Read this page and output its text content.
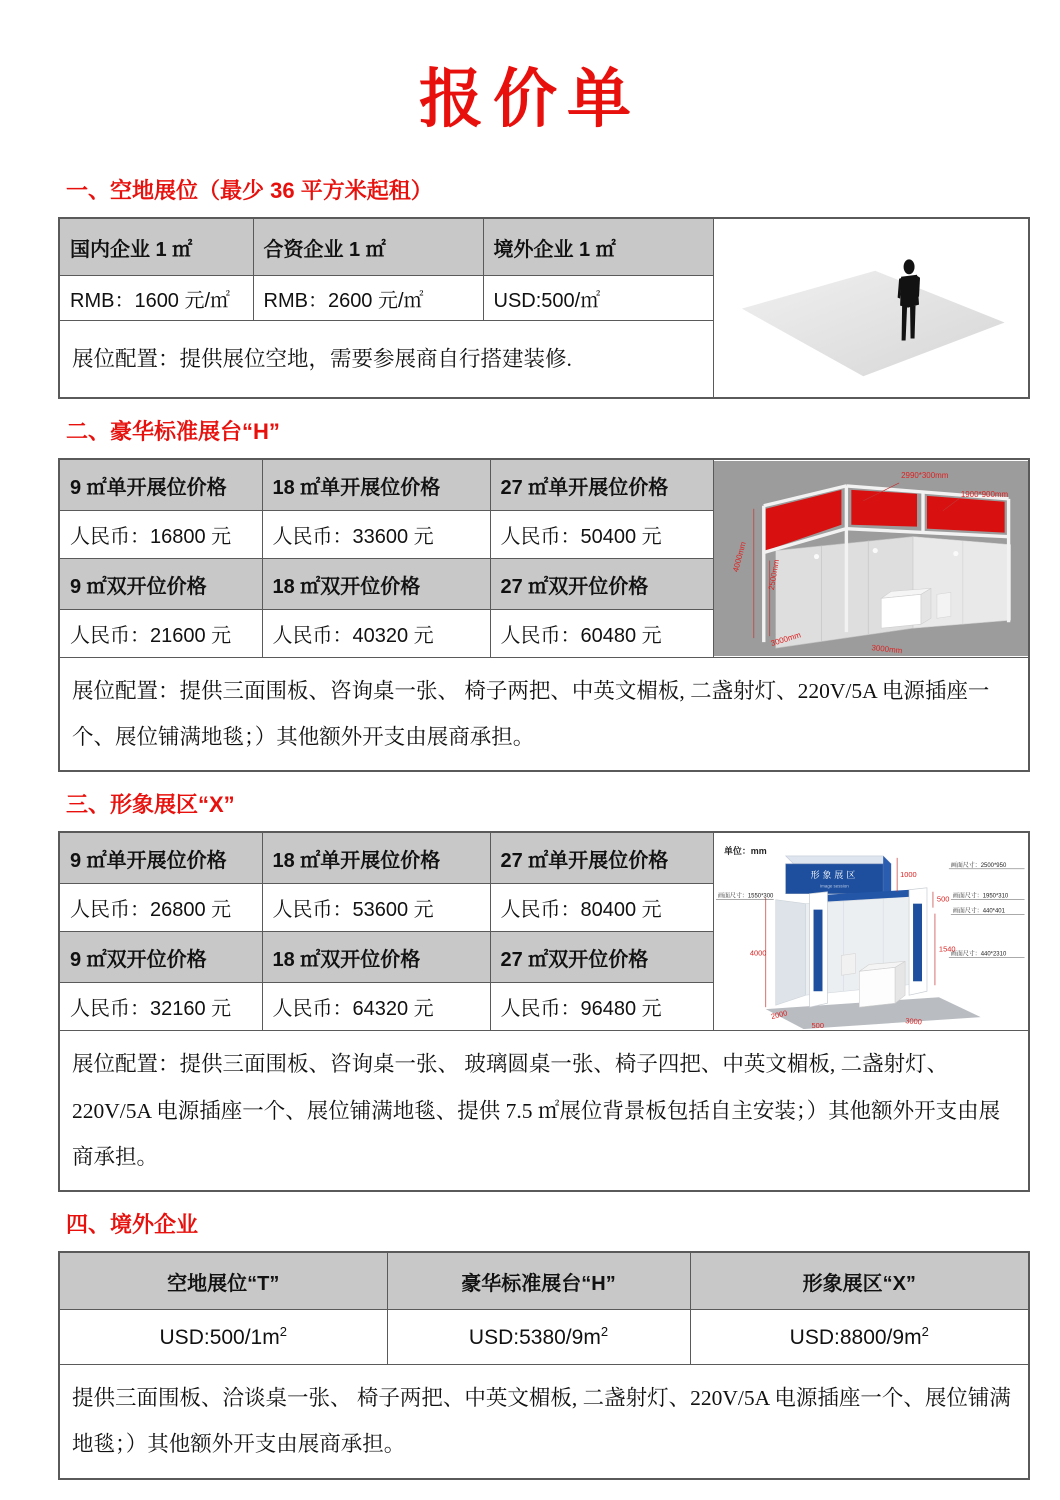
报价单
一、空地展位（最少 36 平方米起租）
国内企业 1 ㎡	合资企业 1 ㎡	境外企业 1 ㎡	

RMB：1600 元/㎡	RMB：2600 元/㎡	USD:500/㎡	
展位配置：提供展位空地，需要参展商自行搭建装修.			
二、豪华标准展台“H”
9 ㎡单开展位价格	18 ㎡单开展位价格	27 ㎡单开展位价格	
2990*300mm
1900*900mm
4000mm
2500mm
3000mm
3000mm

人民币：16800 元	人民币：33600 元	人民币：50400 元	
9 ㎡双开位价格	18 ㎡双开位价格	27 ㎡双开位价格	
人民币：21600 元	人民币：40320 元	人民币：60480 元	
展位配置：提供三面围板、咨询桌一张、 椅子两把、中英文楣板, 二盏射灯、220V/5A 电源插座一个、展位铺满地毯；）其他额外开支由展商承担。			
三、形象展区“X”
9 ㎡单开展位价格	18 ㎡单开展位价格	27 ㎡单开展位价格	
形象展区
image session
1000
4000
500
1540
2000
500	3000
单位：mm
画面尺寸：2500*950
画面尺寸：1950*310
画面尺寸：440*401
画面尺寸：440*2310
画面尺寸：1550*300

人民币：26800 元	人民币：53600 元	人民币：80400 元	
9 ㎡双开位价格	18 ㎡双开位价格	27 ㎡双开位价格	
人民币：32160 元	人民币：64320 元	人民币：96480 元	
展位配置：提供三面围板、咨询桌一张、 玻璃圆桌一张、椅子四把、中英文楣板, 二盏射灯、220V/5A 电源插座一个、展位铺满地毯、提供 7.5 ㎡展位背景板包括自主安装；）其他额外开支由展商承担。			
四、境外企业
空地展位“T”	豪华标准展台“H”	形象展区“X”
$USD:500/1m^2$	$USD:5380/9m^2$	$USD:8800/9m^2$
提供三面围板、洽谈桌一张、 椅子两把、中英文楣板, 二盏射灯、220V/5A 电源插座一个、展位铺满地毯；）其他额外开支由展商承担。		
